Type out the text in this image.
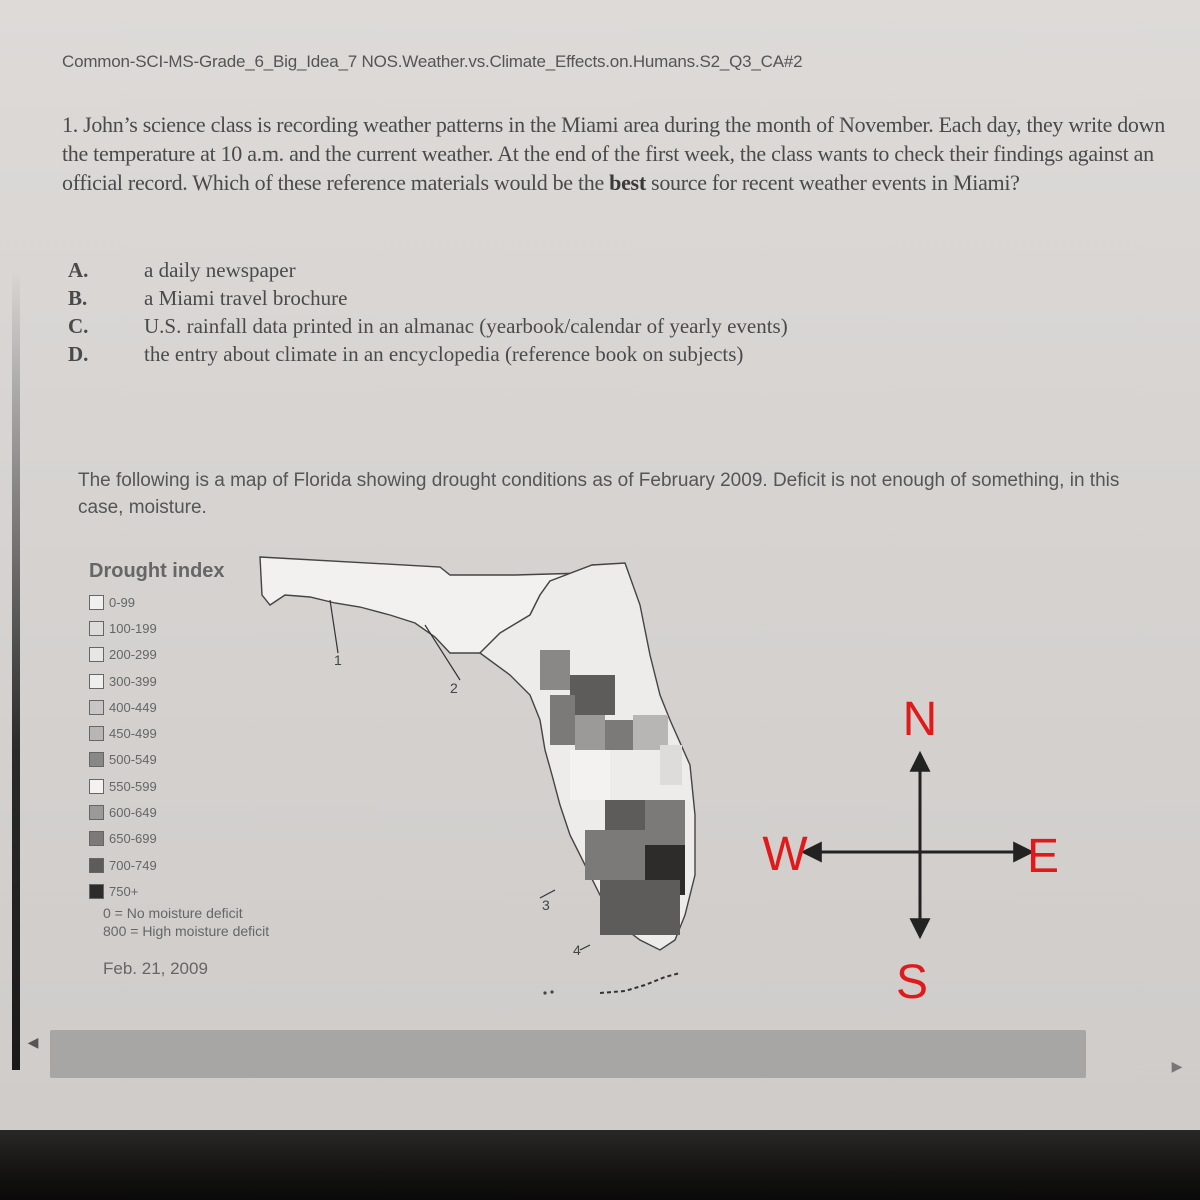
Common-SCI-MS-Grade_6_Big_Idea_7 NOS.Weather.vs.Climate_Effects.on.Humans.S2_Q3_CA#2
1. John’s science class is recording weather patterns in the Miami area during the month of November. Each day, they write down the temperature at 10 a.m. and the current weather. At the end of the first week, the class wants to check their findings against an official record. Which of these reference materials would be the best source for recent weather events in Miami?
A.	a daily newspaper
B.	a Miami travel brochure
C.	U.S. rainfall data printed in an almanac (yearbook/calendar of yearly events)
D.	the entry about climate in an encyclopedia (reference book on subjects)
The following is a map of Florida showing drought conditions as of February 2009. Deficit is not enough of something, in this case, moisture.
Drought index
0-99
100-199
200-299
300-399
400-449
450-499
500-549
550-599
600-649
650-699
700-749
750+
0 = No moisture deficit
800 = High moisture deficit
Feb. 21, 2009
1
2
3
4
N
S
W	E
◀
▶
